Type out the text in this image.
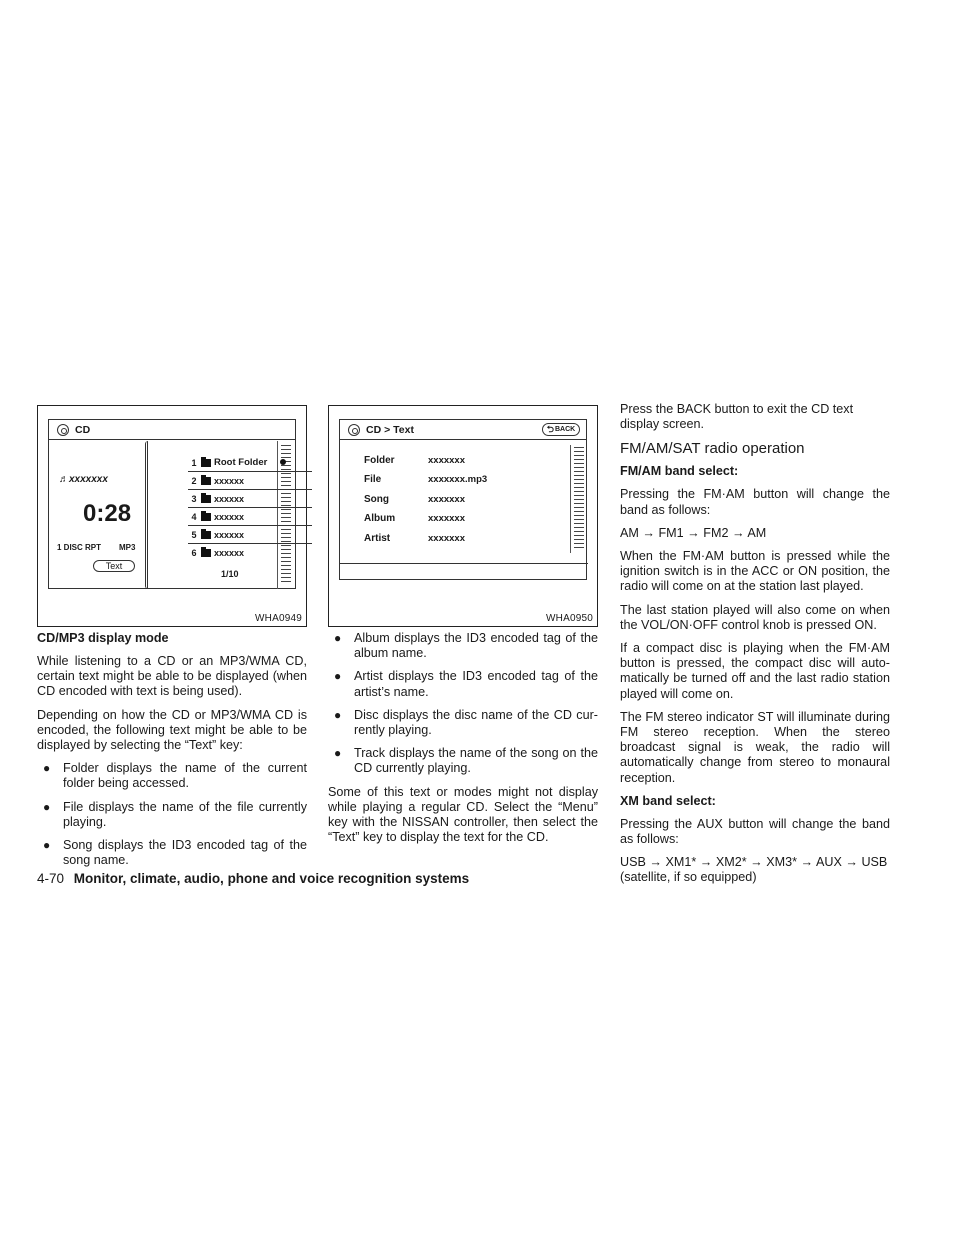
CD
♬xxxxxxx
0:28
1 DISC RPT MP3
Text
1/10
1	Root Folder
2	xxxxxx
3	xxxxxx
4	xxxxxx
5	xxxxxx
6	xxxxxx
WHA0949
CD > Text	⮌ BACK
Folder	xxxxxxx
File	xxxxxxx.mp3
Song	xxxxxxx
Album	xxxxxxx
Artist	xxxxxxx
WHA0950
CD/MP3 display mode

While listening to a CD or an MP3/WMA CD, certain text might be able to be displayed (when CD encoded with text is being used).

Depending on how the CD or MP3/WMA CD is encoded, the following text might be able to be displayed by selecting the “Text” key:

● Folder displays the name of the current folder being accessed.
● File displays the name of the file currently playing.
● Song displays the ID3 encoded tag of the song name.
● Album displays the ID3 encoded tag of the album name.
● Artist displays the ID3 encoded tag of the artist’s name.
● Disc displays the disc name of the CD cur-rently playing.
● Track displays the name of the song on the CD currently playing.

Some of this text or modes might not display while playing a regular CD. Select the “Menu” key with the NISSAN controller, then select the “Text” key to display the text for the CD.

Press the BACK button to exit the CD text display screen.

FM/AM/SAT radio operation
FM/AM band select:

Pressing the FM·AM button will change the band as follows:

AM → FM1 → FM2 → AM

When the FM·AM button is pressed while the ignition switch is in the ACC or ON position, the radio will come on at the station last played.

The last station played will also come on when the VOL/ON·OFF control knob is pressed ON.

If a compact disc is playing when the FM·AM button is pressed, the compact disc will auto-matically be turned off and the last radio station played will come on.

The FM stereo indicator ST will illuminate during FM stereo reception. When the stereo broadcast signal is weak, the radio will automatically change from stereo to monaural reception.

XM band select:

Pressing the AUX button will change the band as follows:

USB → XM1* → XM2* → XM3* → AUX → USB (satellite, if so equipped)

4-70 Monitor, climate, audio, phone and voice recognition systems
